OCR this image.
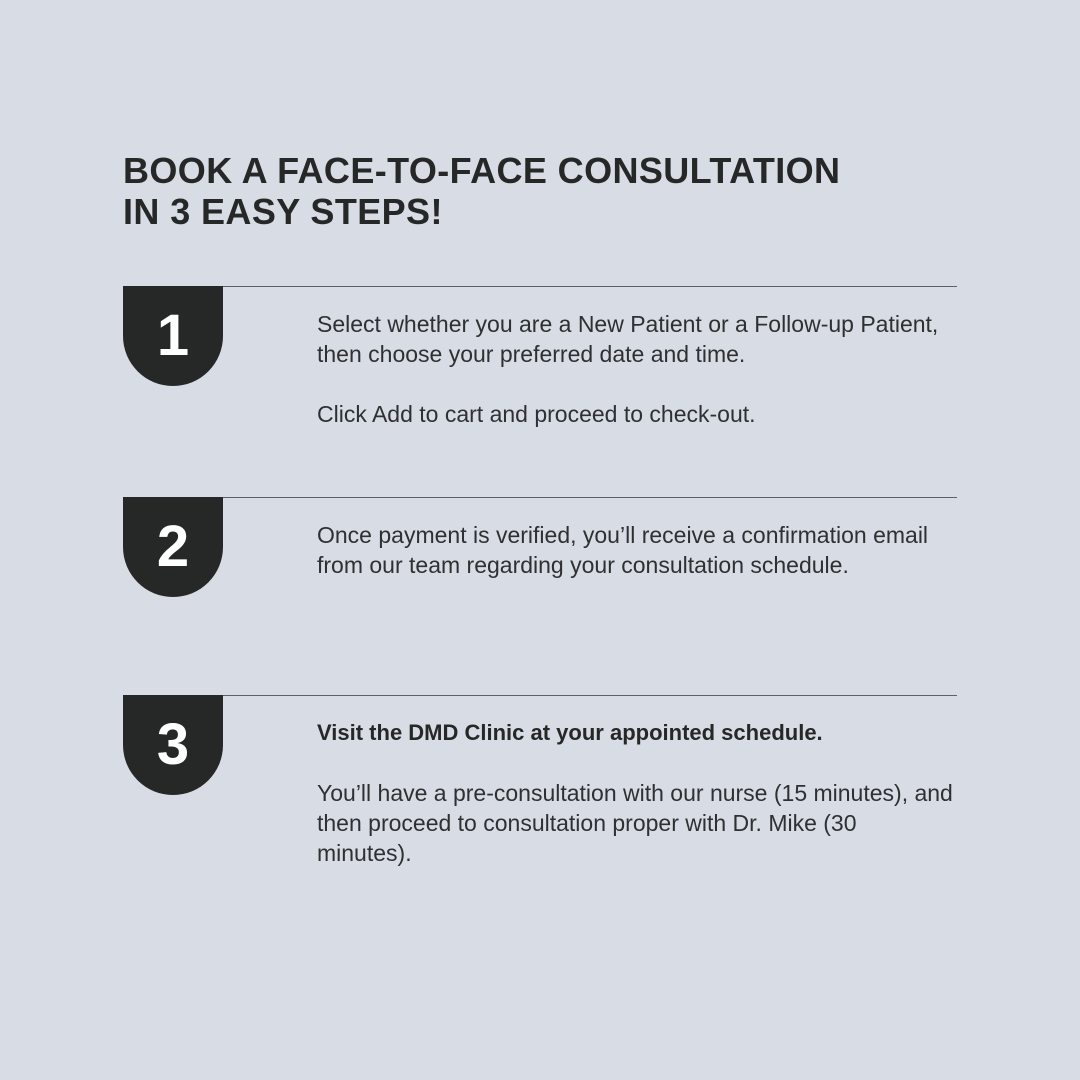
BOOK A FACE-TO-FACE CONSULTATION
IN 3 EASY STEPS!
1	Select whether you are a New Patient or a Follow-up Patient, then choose your preferred date and time.

Click Add to cart and proceed to check-out.

2	Once payment is verified, you’ll receive a confirmation email from our team regarding your consultation schedule.

3	Visit the DMD Clinic at your appointed schedule.

You’ll have a pre-consultation with our nurse (15 minutes), and then proceed to consultation proper with Dr. Mike (30 minutes).
